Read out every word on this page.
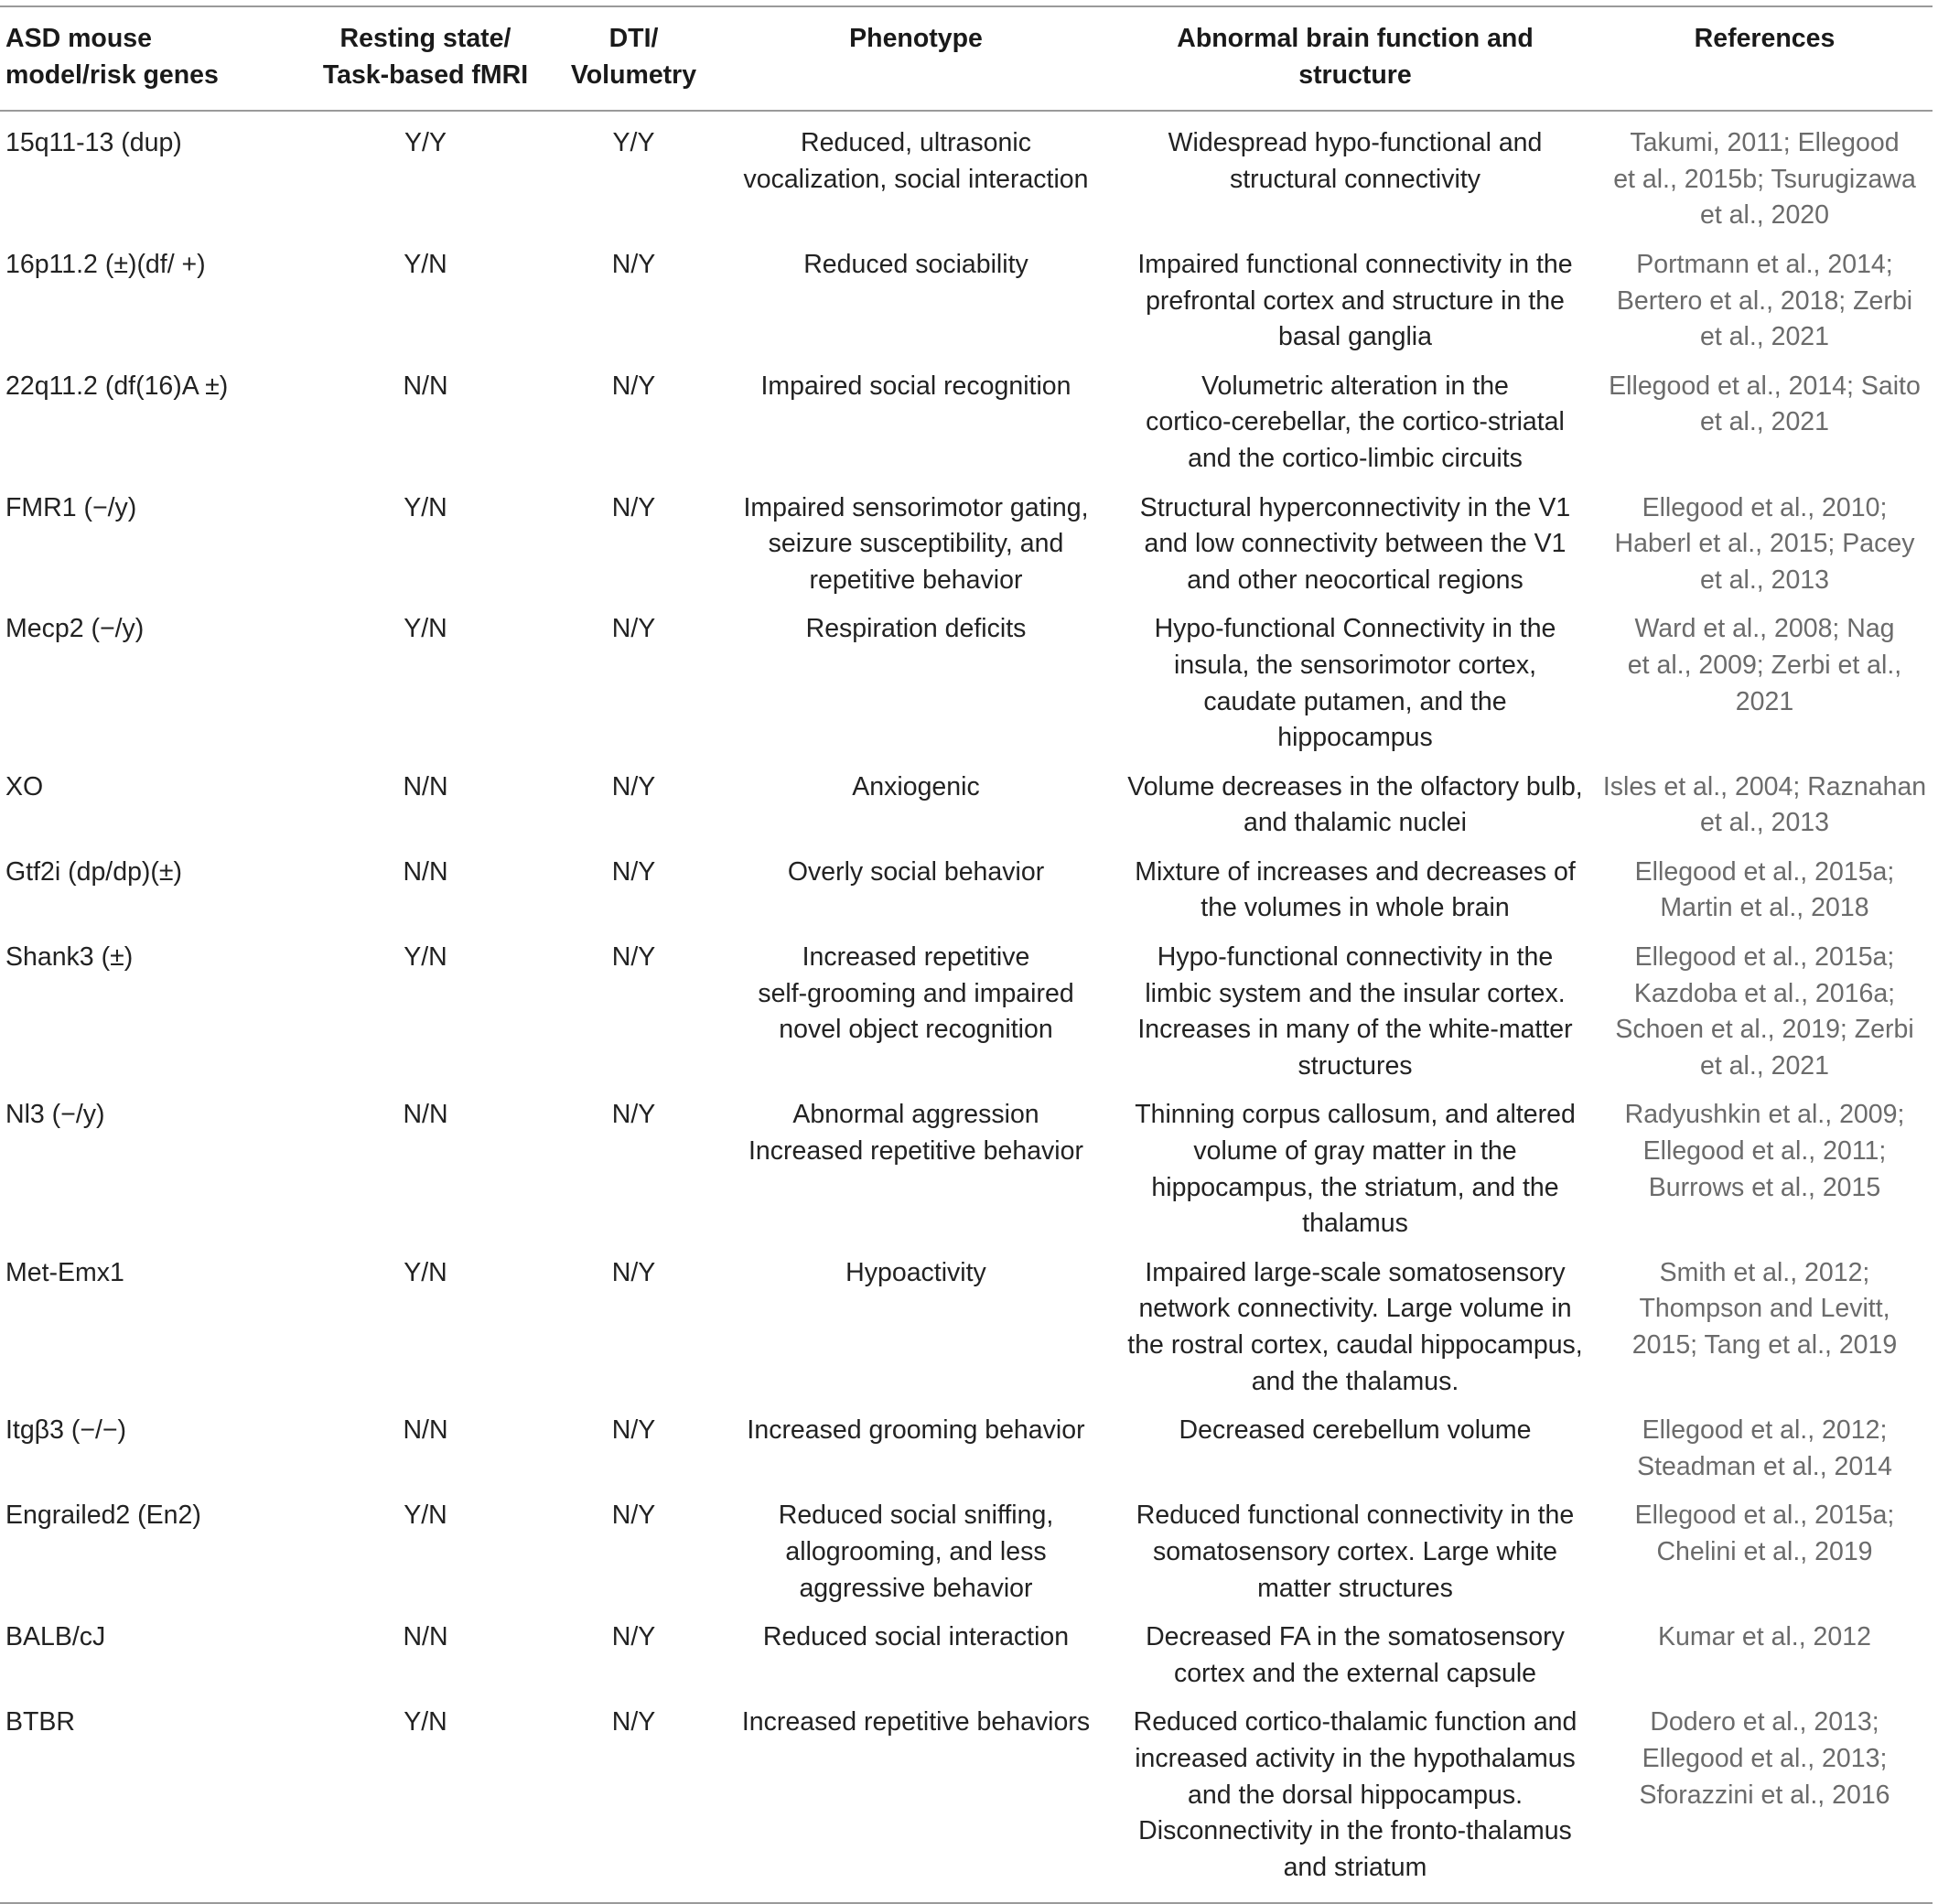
ASD mouse
model/risk genes	Resting state/
Task-based fMRI	DTI/
Volumetry	Phenotype	Abnormal brain function and
structure	References

15q11-13 (dup)	Y/Y	Y/Y	Reduced, ultrasonic
vocalization, social interaction	Widespread hypo-functional and
structural connectivity	Takumi, 2011; Ellegood
et al., 2015b; Tsurugizawa
et al., 2020

16p11.2 (±)(df/ +)	Y/N	N/Y	Reduced sociability	Impaired functional connectivity in the
prefrontal cortex and structure in the
basal ganglia	Portmann et al., 2014;
Bertero et al., 2018; Zerbi
et al., 2021

22q11.2 (df(16)A ±)	N/N	N/Y	Impaired social recognition	Volumetric alteration in the
cortico-cerebellar, the cortico-striatal
and the cortico-limbic circuits	Ellegood et al., 2014; Saito
et al., 2021

FMR1 (−/y)	Y/N	N/Y	Impaired sensorimotor gating,
seizure susceptibility, and
repetitive behavior	Structural hyperconnectivity in the V1
and low connectivity between the V1
and other neocortical regions	Ellegood et al., 2010;
Haberl et al., 2015; Pacey
et al., 2013

Mecp2 (−/y)	Y/N	N/Y	Respiration deficits	Hypo-functional Connectivity in the
insula, the sensorimotor cortex,
caudate putamen, and the
hippocampus	Ward et al., 2008; Nag
et al., 2009; Zerbi et al.,
2021

XO	N/N	N/Y	Anxiogenic	Volume decreases in the olfactory bulb,
and thalamic nuclei	Isles et al., 2004; Raznahan
et al., 2013

Gtf2i (dp/dp)(±)	N/N	N/Y	Overly social behavior	Mixture of increases and decreases of
the volumes in whole brain	Ellegood et al., 2015a;
Martin et al., 2018

Shank3 (±)	Y/N	N/Y	Increased repetitive
self-grooming and impaired
novel object recognition	Hypo-functional connectivity in the
limbic system and the insular cortex.
Increases in many of the white-matter
structures	Ellegood et al., 2015a;
Kazdoba et al., 2016a;
Schoen et al., 2019; Zerbi
et al., 2021

Nl3 (−/y)	N/N	N/Y	Abnormal aggression
Increased repetitive behavior	Thinning corpus callosum, and altered
volume of gray matter in the
hippocampus, the striatum, and the
thalamus	Radyushkin et al., 2009;
Ellegood et al., 2011;
Burrows et al., 2015

Met-Emx1	Y/N	N/Y	Hypoactivity	Impaired large-scale somatosensory
network connectivity. Large volume in
the rostral cortex, caudal hippocampus,
and the thalamus.	Smith et al., 2012;
Thompson and Levitt,
2015; Tang et al., 2019

Itgβ3 (−/−)	N/N	N/Y	Increased grooming behavior	Decreased cerebellum volume	Ellegood et al., 2012;
Steadman et al., 2014

Engrailed2 (En2)	Y/N	N/Y	Reduced social sniffing,
allogrooming, and less
aggressive behavior	Reduced functional connectivity in the
somatosensory cortex. Large white
matter structures	Ellegood et al., 2015a;
Chelini et al., 2019

BALB/cJ	N/N	N/Y	Reduced social interaction	Decreased FA in the somatosensory
cortex and the external capsule	Kumar et al., 2012

BTBR	Y/N	N/Y	Increased repetitive behaviors	Reduced cortico-thalamic function and
increased activity in the hypothalamus
and the dorsal hippocampus.
Disconnectivity in the fronto-thalamus
and striatum	Dodero et al., 2013;
Ellegood et al., 2013;
Sforazzini et al., 2016
